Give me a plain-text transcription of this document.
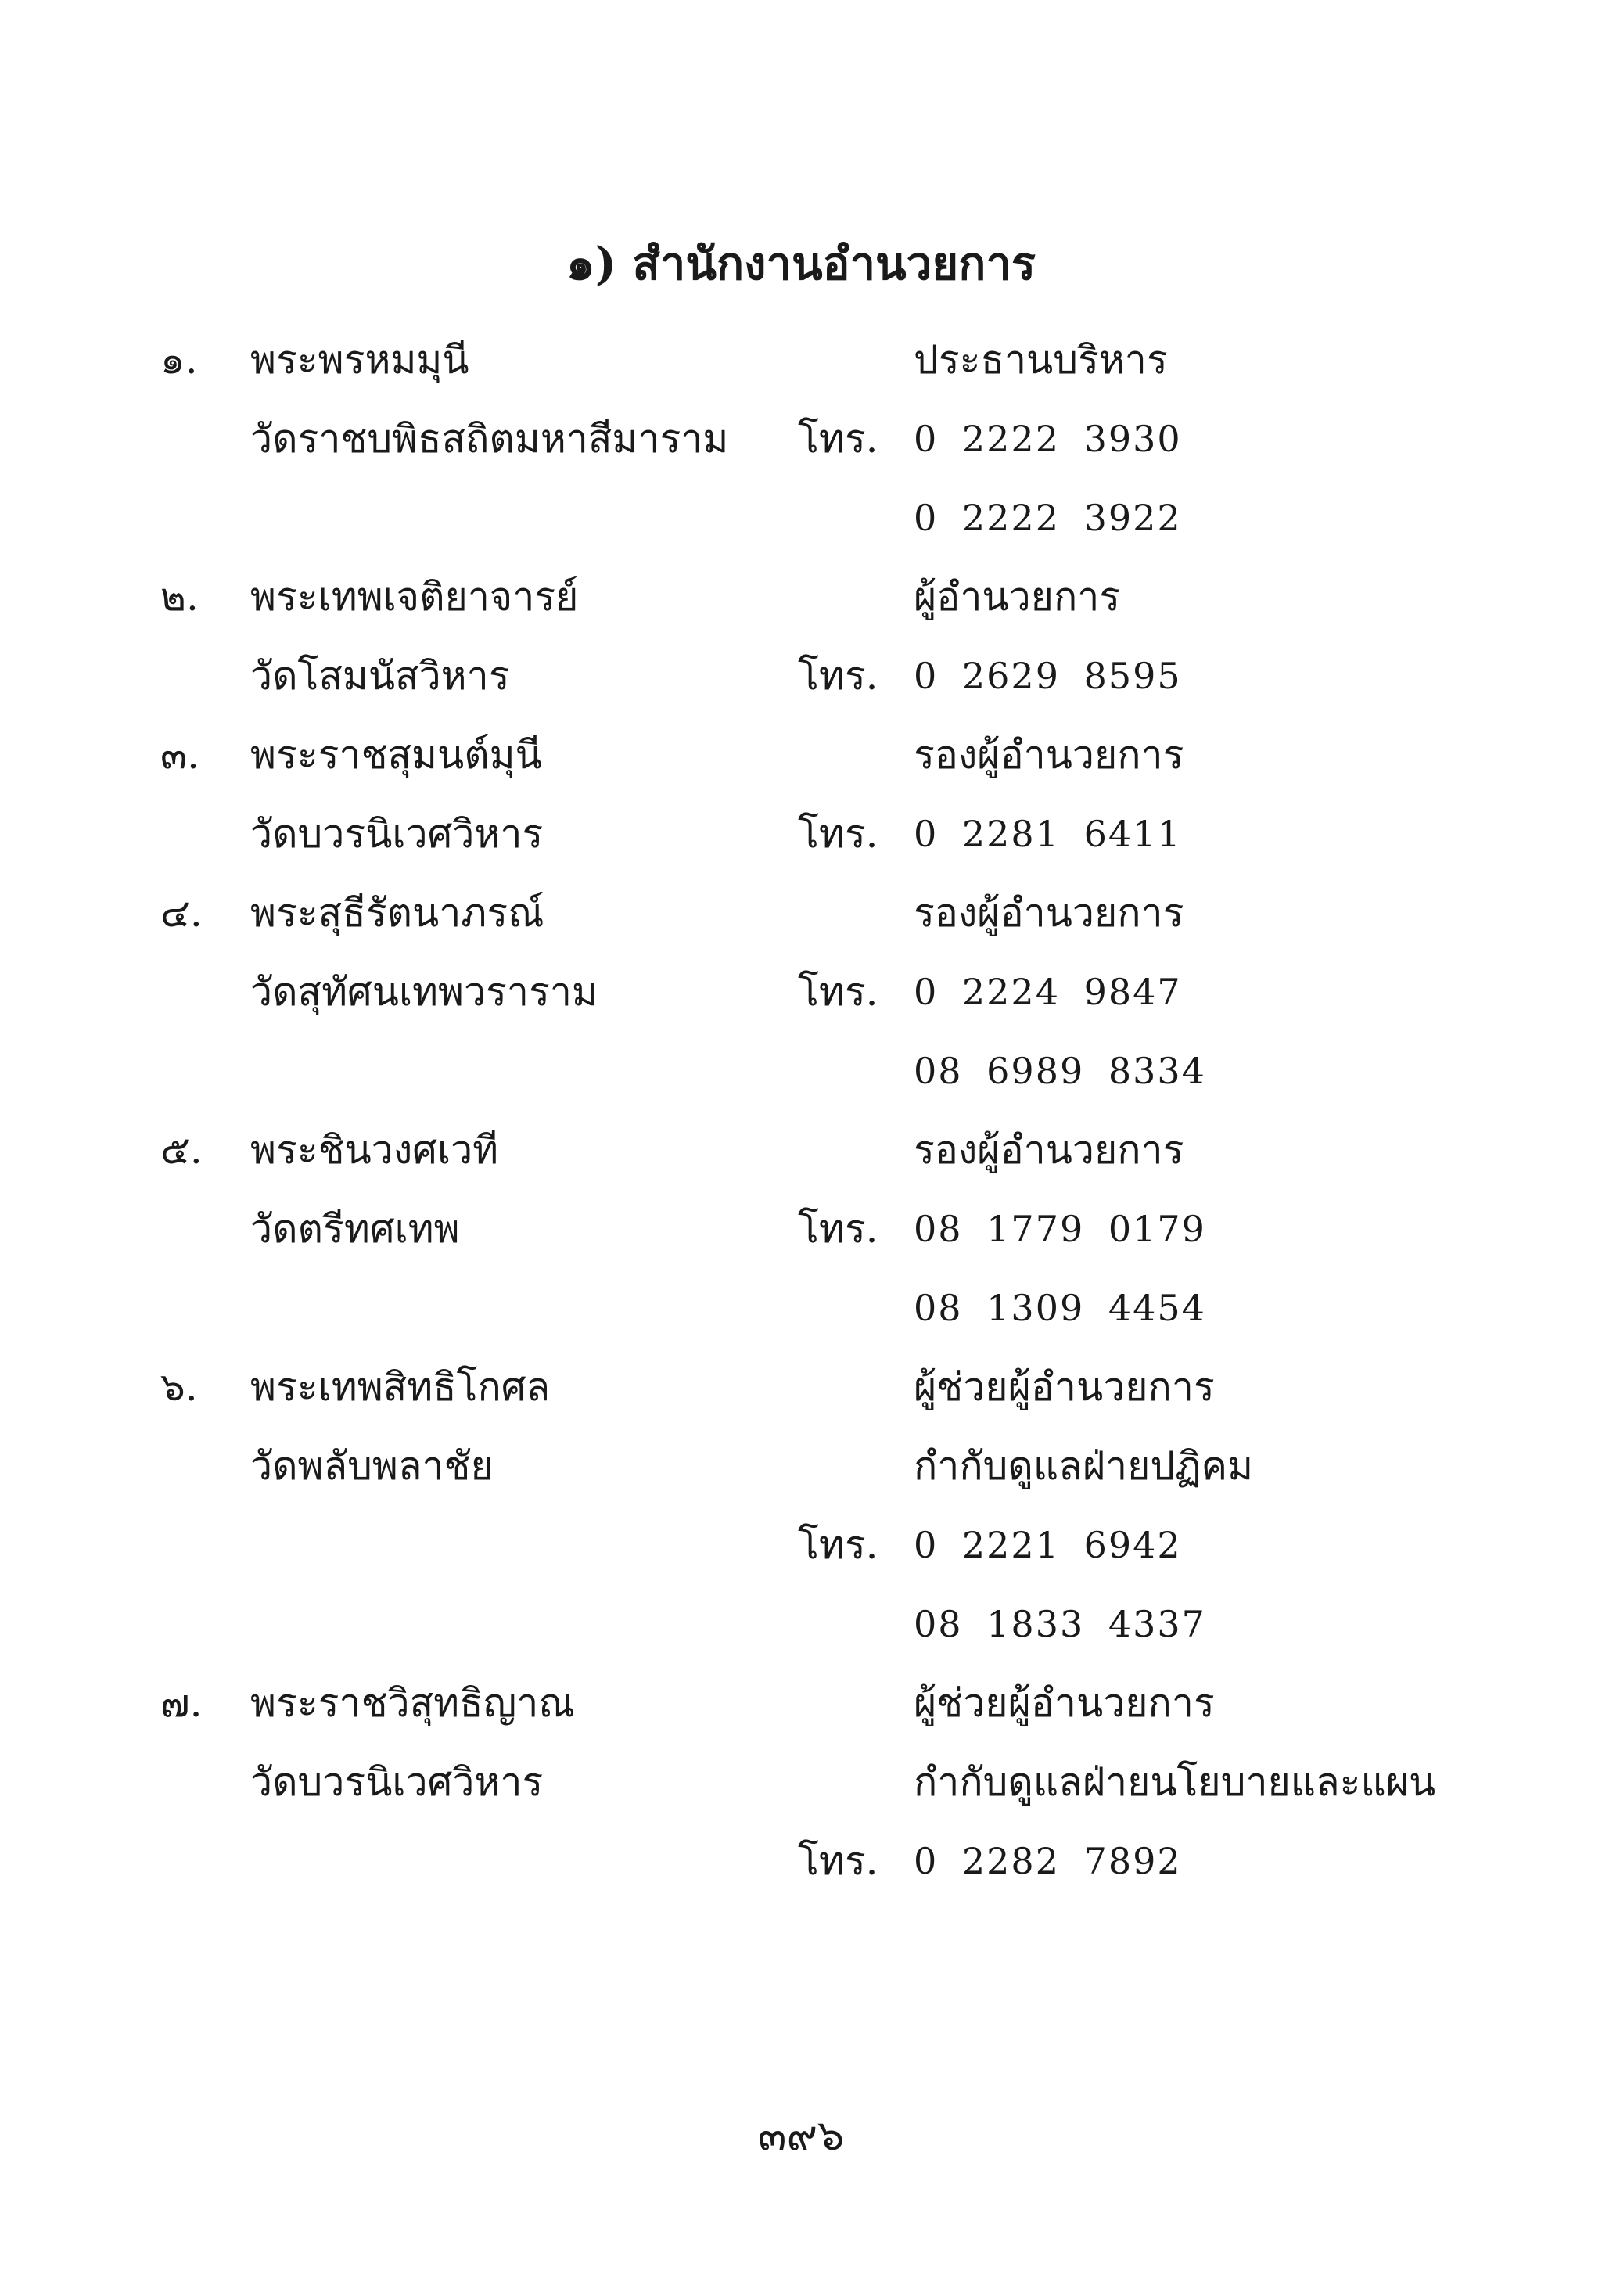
๑) สำนักงานอำนวยการ
๑.	พระพรหมมุนี	ประธานบริหาร
วัดราชบพิธสถิตมหาสีมาราม	โทร. 0 2222 3930
0 2222 3922
๒.	พระเทพเจติยาจารย์	ผู้อำนวยการ
วัดโสมนัสวิหาร	โทร. 0 2629 8595
๓.	พระราชสุมนต์มุนี	รองผู้อำนวยการ
วัดบวรนิเวศวิหาร	โทร. 0 2281 6411
๔.	พระสุธีรัตนาภรณ์	รองผู้อำนวยการ
วัดสุทัศนเทพวราราม	โทร. 0 2224 9847
08 6989 8334
๕.	พระชินวงศเวที	รองผู้อำนวยการ
วัดตรีทศเทพ	โทร. 08 1779 0179
08 1309 4454
๖.	พระเทพสิทธิโกศล	ผู้ช่วยผู้อำนวยการ
วัดพลับพลาชัย	กำกับดูแลฝ่ายปฏิคม
โทร. 0 2221 6942
08 1833 4337
๗.	พระราชวิสุทธิญาณ	ผู้ช่วยผู้อำนวยการ
วัดบวรนิเวศวิหาร	กำกับดูแลฝ่ายนโยบายและแผน
โทร. 0 2282 7892
๓๙๖
